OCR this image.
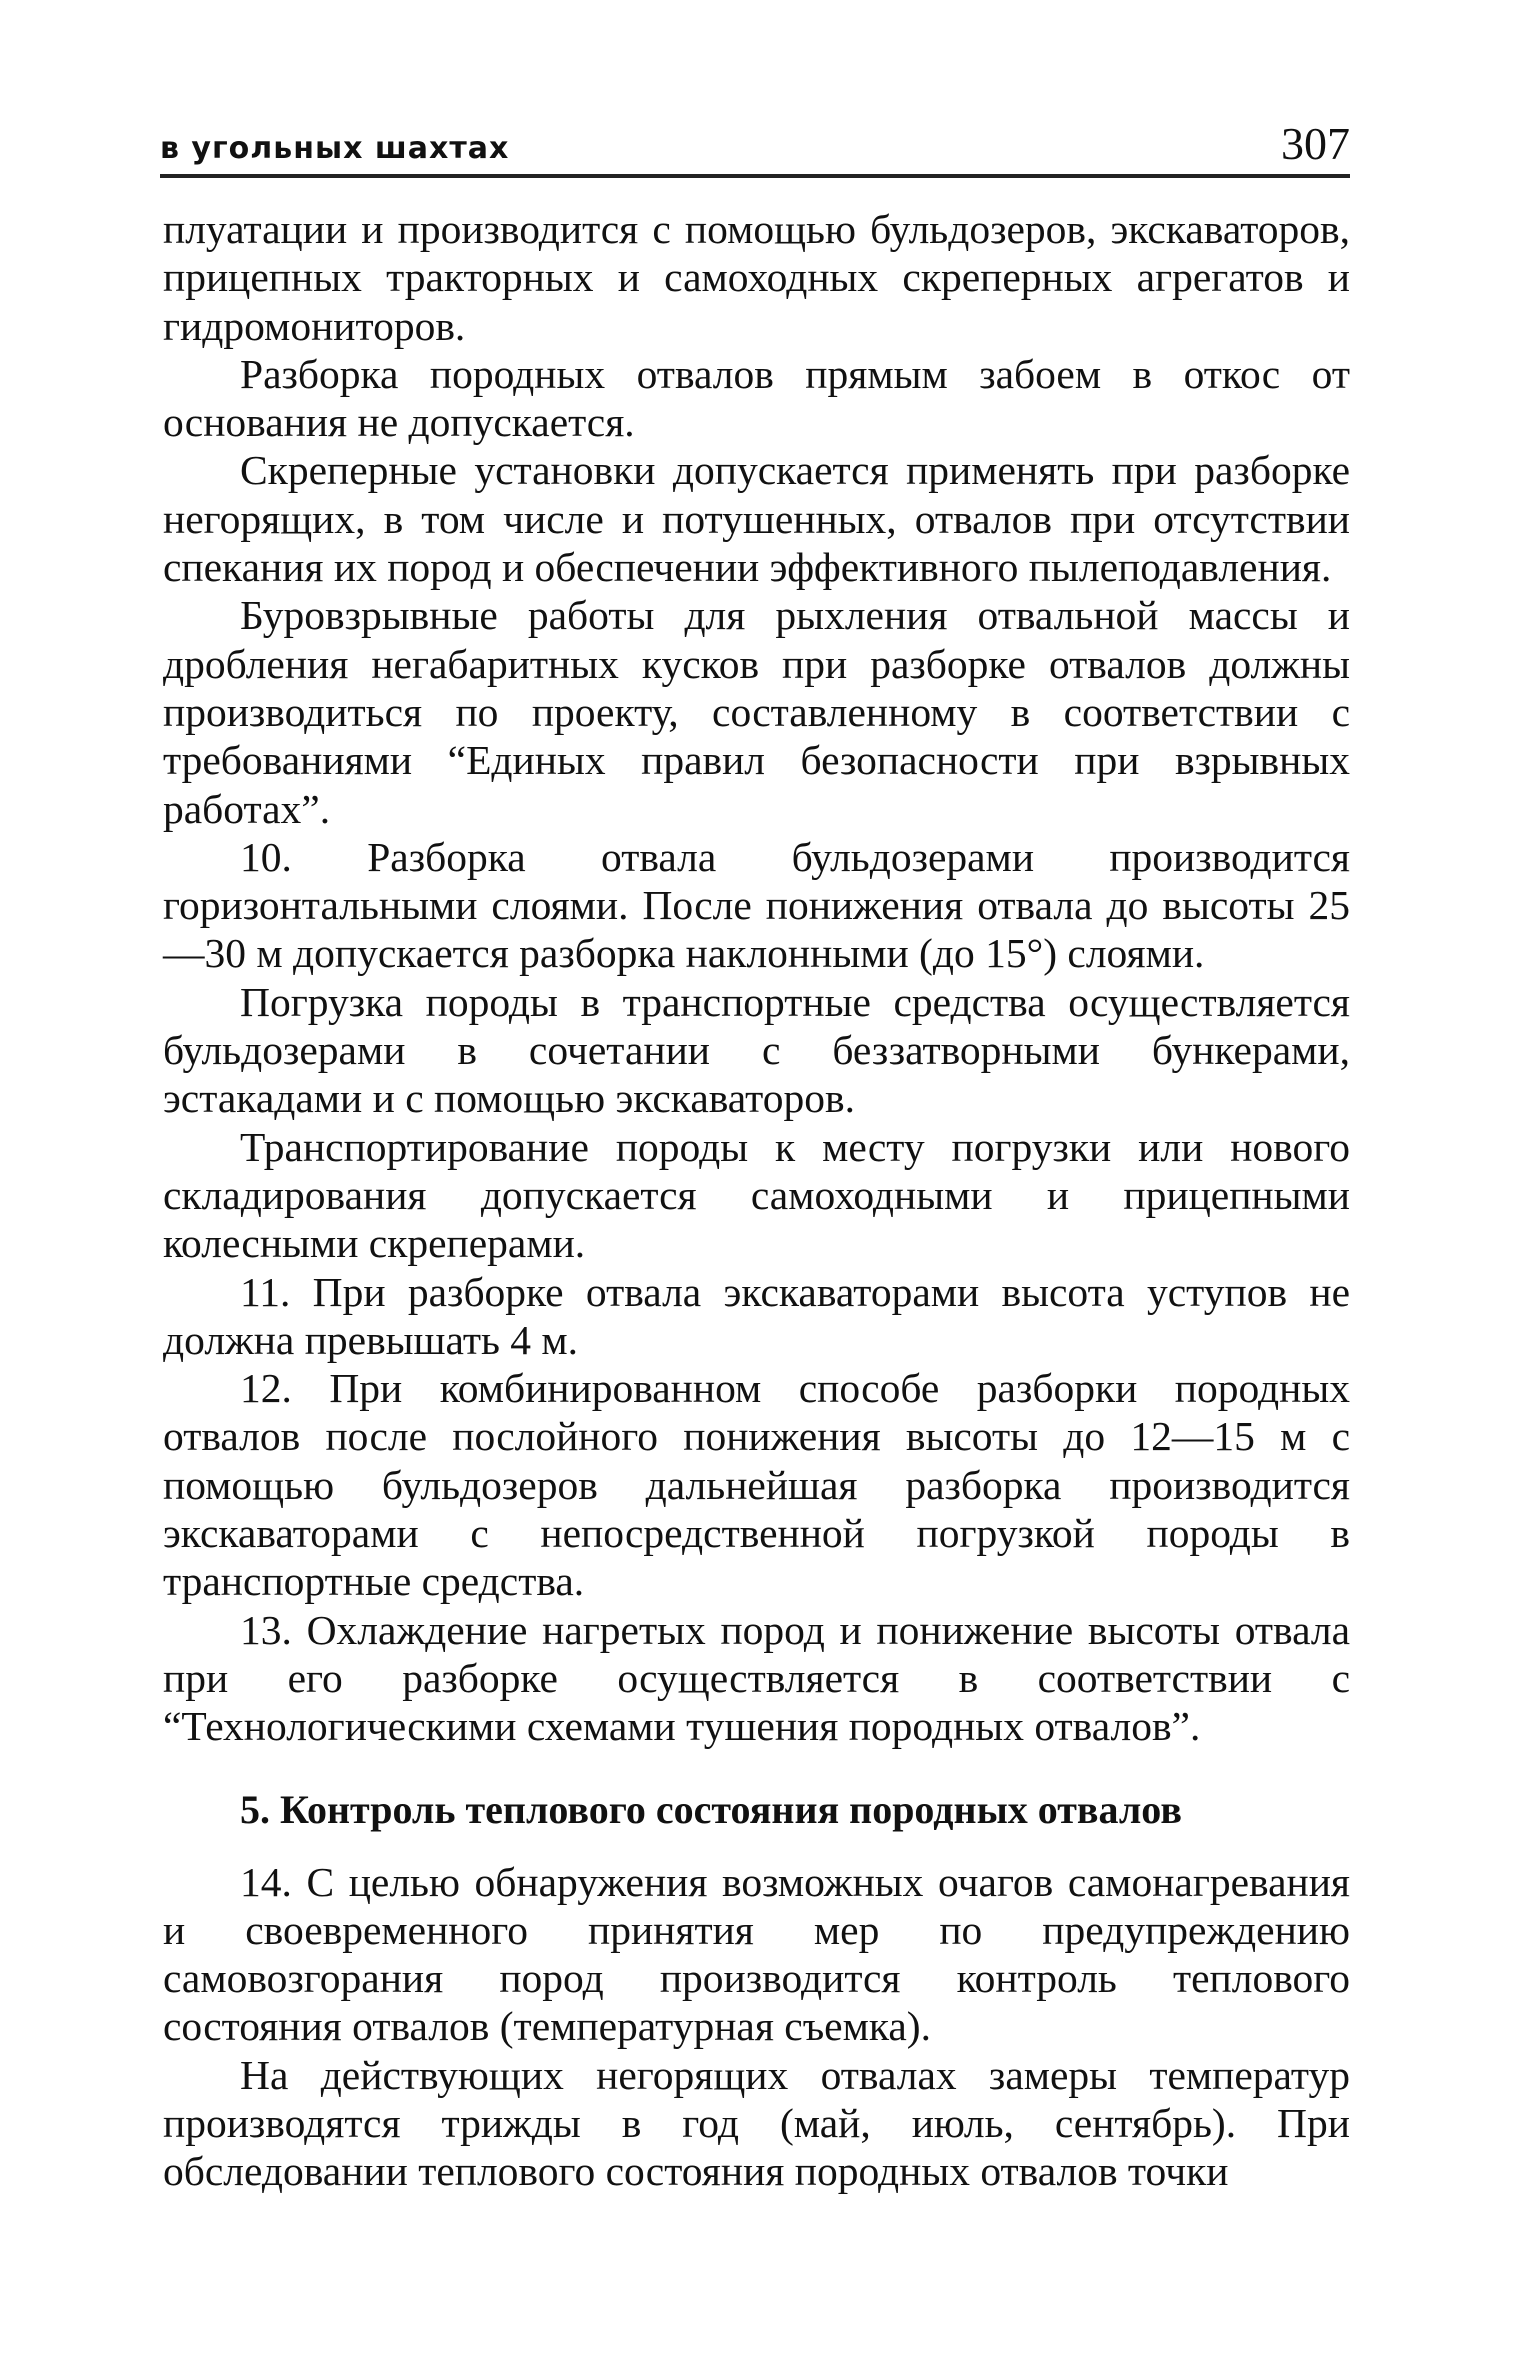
в угольных шахтах	307

плуатации и производится с помощью бульдозеров, экскаваторов, прицепных тракторных и самоходных скреперных агрегатов и гидромониторов.

Разборка породных отвалов прямым забоем в откос от основания не допускается.

Скреперные установки допускается применять при разборке негорящих, в том числе и потушенных, отвалов при отсутствии спекания их пород и обеспечении эффективного пылеподавления.

Буровзрывные работы для рыхления отвальной массы и дробления негабаритных кусков при разборке отвалов должны производиться по проекту, составленному в соответствии с требованиями “Единых правил безопасности при взрывных работах”.

10. Разборка отвала бульдозерами производится горизонтальными слоями. После понижения отвала до высоты 25—30 м допускается разборка наклонными (до 15°) слоями.

Погрузка породы в транспортные средства осуществляется бульдозерами в сочетании с беззатворными бункерами, эстакадами и с помощью экскаваторов.

Транспортирование породы к месту погрузки или нового складирования допускается самоходными и прицепными колесными скреперами.

11. При разборке отвала экскаваторами высота уступов не должна превышать 4 м.

12. При комбинированном способе разборки породных отвалов после послойного понижения высоты до 12—15 м с помощью бульдозеров дальнейшая разборка производится экскаваторами с непосредственной погрузкой породы в транспортные средства.

13. Охлаждение нагретых пород и понижение высоты отвала при его разборке осуществляется в соответствии с “Технологическими схемами тушения породных отвалов”.

5. Контроль теплового состояния породных отвалов

14. С целью обнаружения возможных очагов самонагревания и своевременного принятия мер по предупреждению самовозгорания пород производится контроль теплового состояния отвалов (температурная съемка).

На действующих негорящих отвалах замеры температур производятся трижды в год (май, июль, сентябрь). При обследовании теплового состояния породных отвалов точки
